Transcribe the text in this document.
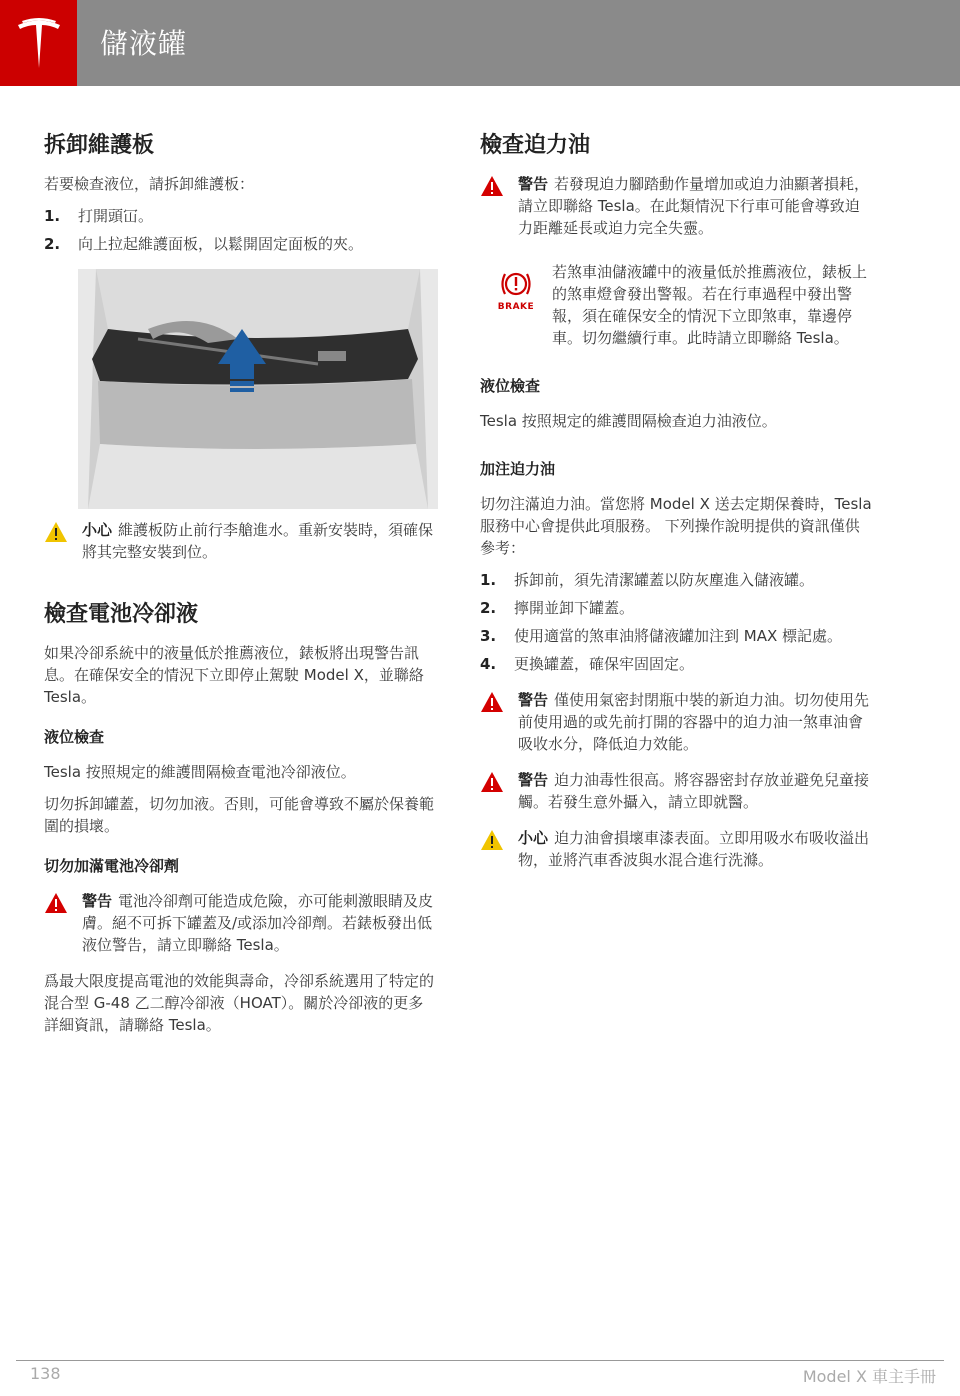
儲液罐
拆卸維護板

若要檢查液位，請拆卸維護板：

1.	打開頭冚。
2.	向上拉起維護面板，以鬆開固定面板的夾。
小心 維護板防止前行李艙進水。重新安裝時，須確保將其完整安裝到位。
檢查電池冷卻液

如果冷卻系統中的液量低於推薦液位，錶板將出現警告訊息。在確保安全的情況下立即停止駕駛 Model X，並聯絡 Tesla。

液位檢查

Tesla 按照規定的維護間隔檢查電池冷卻液位。

切勿拆卸罐蓋，切勿加液。否則，可能會導致不屬於保養範圍的損壞。

切勿加滿電池冷卻劑
警告 電池冷卻劑可能造成危險，亦可能刺激眼睛及皮膚。絕不可拆下罐蓋及/或添加冷卻劑。若錶板發出低液位警告，請立即聯絡 Tesla。

爲最大限度提高電池的效能與壽命，冷卻系統選用了特定的混合型 G-48 乙二醇冷卻液（HOAT）。關於冷卻液的更多詳細資訊，請聯絡 Tesla。

檢查迫力油
警告 若發現迫力腳踏動作量增加或迫力油顯著損耗，請立即聯絡 Tesla。在此類情況下行車可能會導致迫力距離延長或迫力完全失靈。
BRAKE
若煞車油儲液罐中的液量低於推薦液位，錶板上的煞車燈會發出警報。若在行車過程中發出警報，須在確保安全的情況下立即煞車，靠邊停車。切勿繼續行車。此時請立即聯絡 Tesla。
液位檢查

Tesla 按照規定的維護間隔檢查迫力油液位。

加注迫力油

切勿注滿迫力油。當您將 Model X 送去定期保養時，Tesla 服務中心會提供此項服務。 下列操作說明提供的資訊僅供參考：

1.	拆卸前，須先清潔罐蓋以防灰塵進入儲液罐。
2.	擰開並卸下罐蓋。
3.	使用適當的煞車油將儲液罐加注到 MAX 標記處。
4.	更換罐蓋，確保牢固固定。
警告 僅使用氣密封閉瓶中裝的新迫力油。切勿使用先前使用過的或先前打開的容器中的迫力油一煞車油會吸收水分，降低迫力效能。
警告 迫力油毒性很高。將容器密封存放並避免兒童接觸。若發生意外攝入，請立即就醫。
小心 迫力油會損壞車漆表面。立即用吸水布吸收溢出物，並將汽車香波與水混合進行洗滌。
138	Model X 車主手冊
